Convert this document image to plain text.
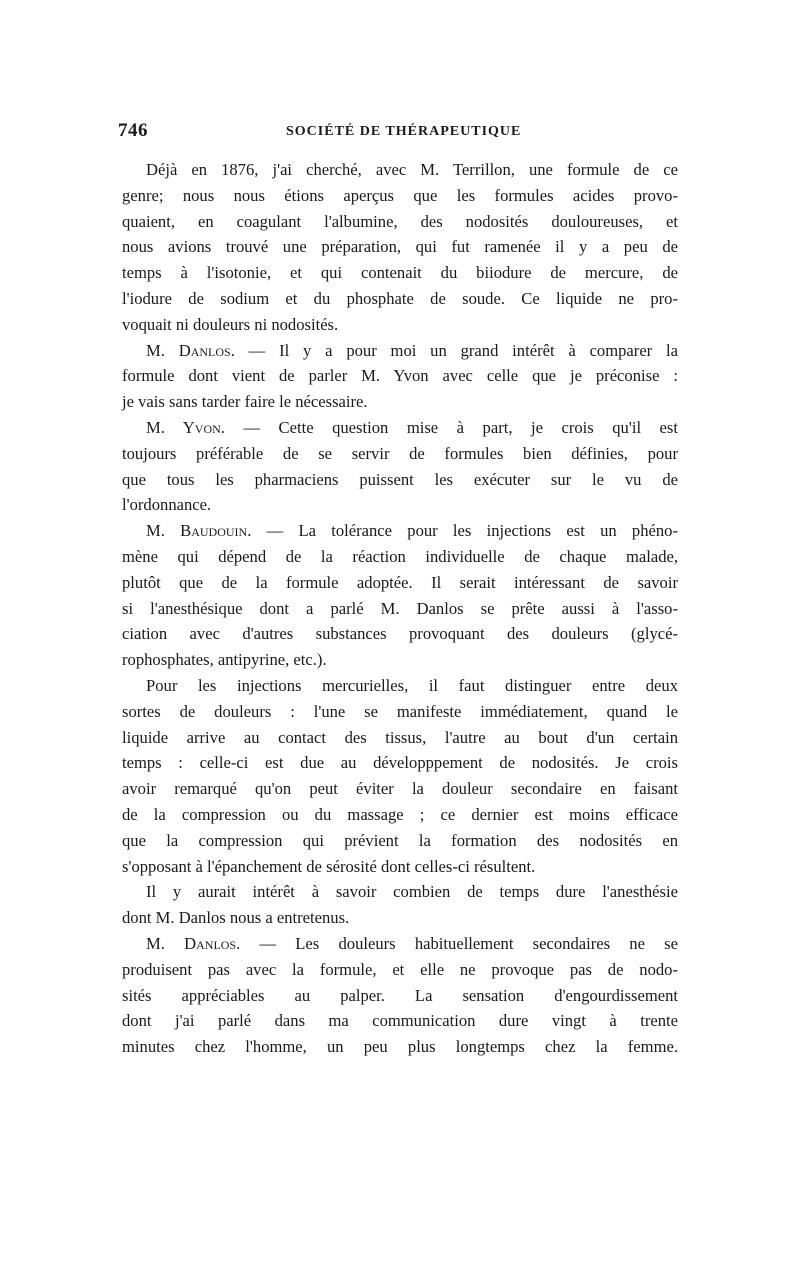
746	SOCIÉTÉ DE THÉRAPEUTIQUE
Déjà en 1876, j'ai cherché, avec M. Terrillon, une formule de ce
genre; nous nous étions aperçus que les formules acides provo-
quaient, en coagulant l'albumine, des nodosités douloureuses, et
nous avions trouvé une préparation, qui fut ramenée il y a peu de
temps à l'isotonie, et qui contenait du biiodure de mercure, de
l'iodure de sodium et du phosphate de soude. Ce liquide ne pro-
voquait ni douleurs ni nodosités.
M. Danlos. — Il y a pour moi un grand intérêt à comparer la
formule dont vient de parler M. Yvon avec celle que je préconise :
je vais sans tarder faire le nécessaire.
M. Yvon. — Cette question mise à part, je crois qu'il est
toujours préférable de se servir de formules bien définies, pour
que tous les pharmaciens puissent les exécuter sur le vu de
l'ordonnance.
M. Baudouin. — La tolérance pour les injections est un phéno-
mène qui dépend de la réaction individuelle de chaque malade,
plutôt que de la formule adoptée. Il serait intéressant de savoir
si l'anesthésique dont a parlé M. Danlos se prête aussi à l'asso-
ciation avec d'autres substances provoquant des douleurs (glycé-
rophosphates, antipyrine, etc.).
Pour les injections mercurielles, il faut distinguer entre deux
sortes de douleurs : l'une se manifeste immédiatement, quand le
liquide arrive au contact des tissus, l'autre au bout d'un certain
temps : celle-ci est due au développpement de nodosités. Je crois
avoir remarqué qu'on peut éviter la douleur secondaire en faisant
de la compression ou du massage ; ce dernier est moins efficace
que la compression qui prévient la formation des nodosités en
s'opposant à l'épanchement de sérosité dont celles-ci résultent.
Il y aurait intérêt à savoir combien de temps dure l'anesthésie
dont M. Danlos nous a entretenus.
M. Danlos. — Les douleurs habituellement secondaires ne se
produisent pas avec la formule, et elle ne provoque pas de nodo-
sités appréciables au palper. La sensation d'engourdissement
dont j'ai parlé dans ma communication dure vingt à trente
minutes chez l'homme, un peu plus longtemps chez la femme.
